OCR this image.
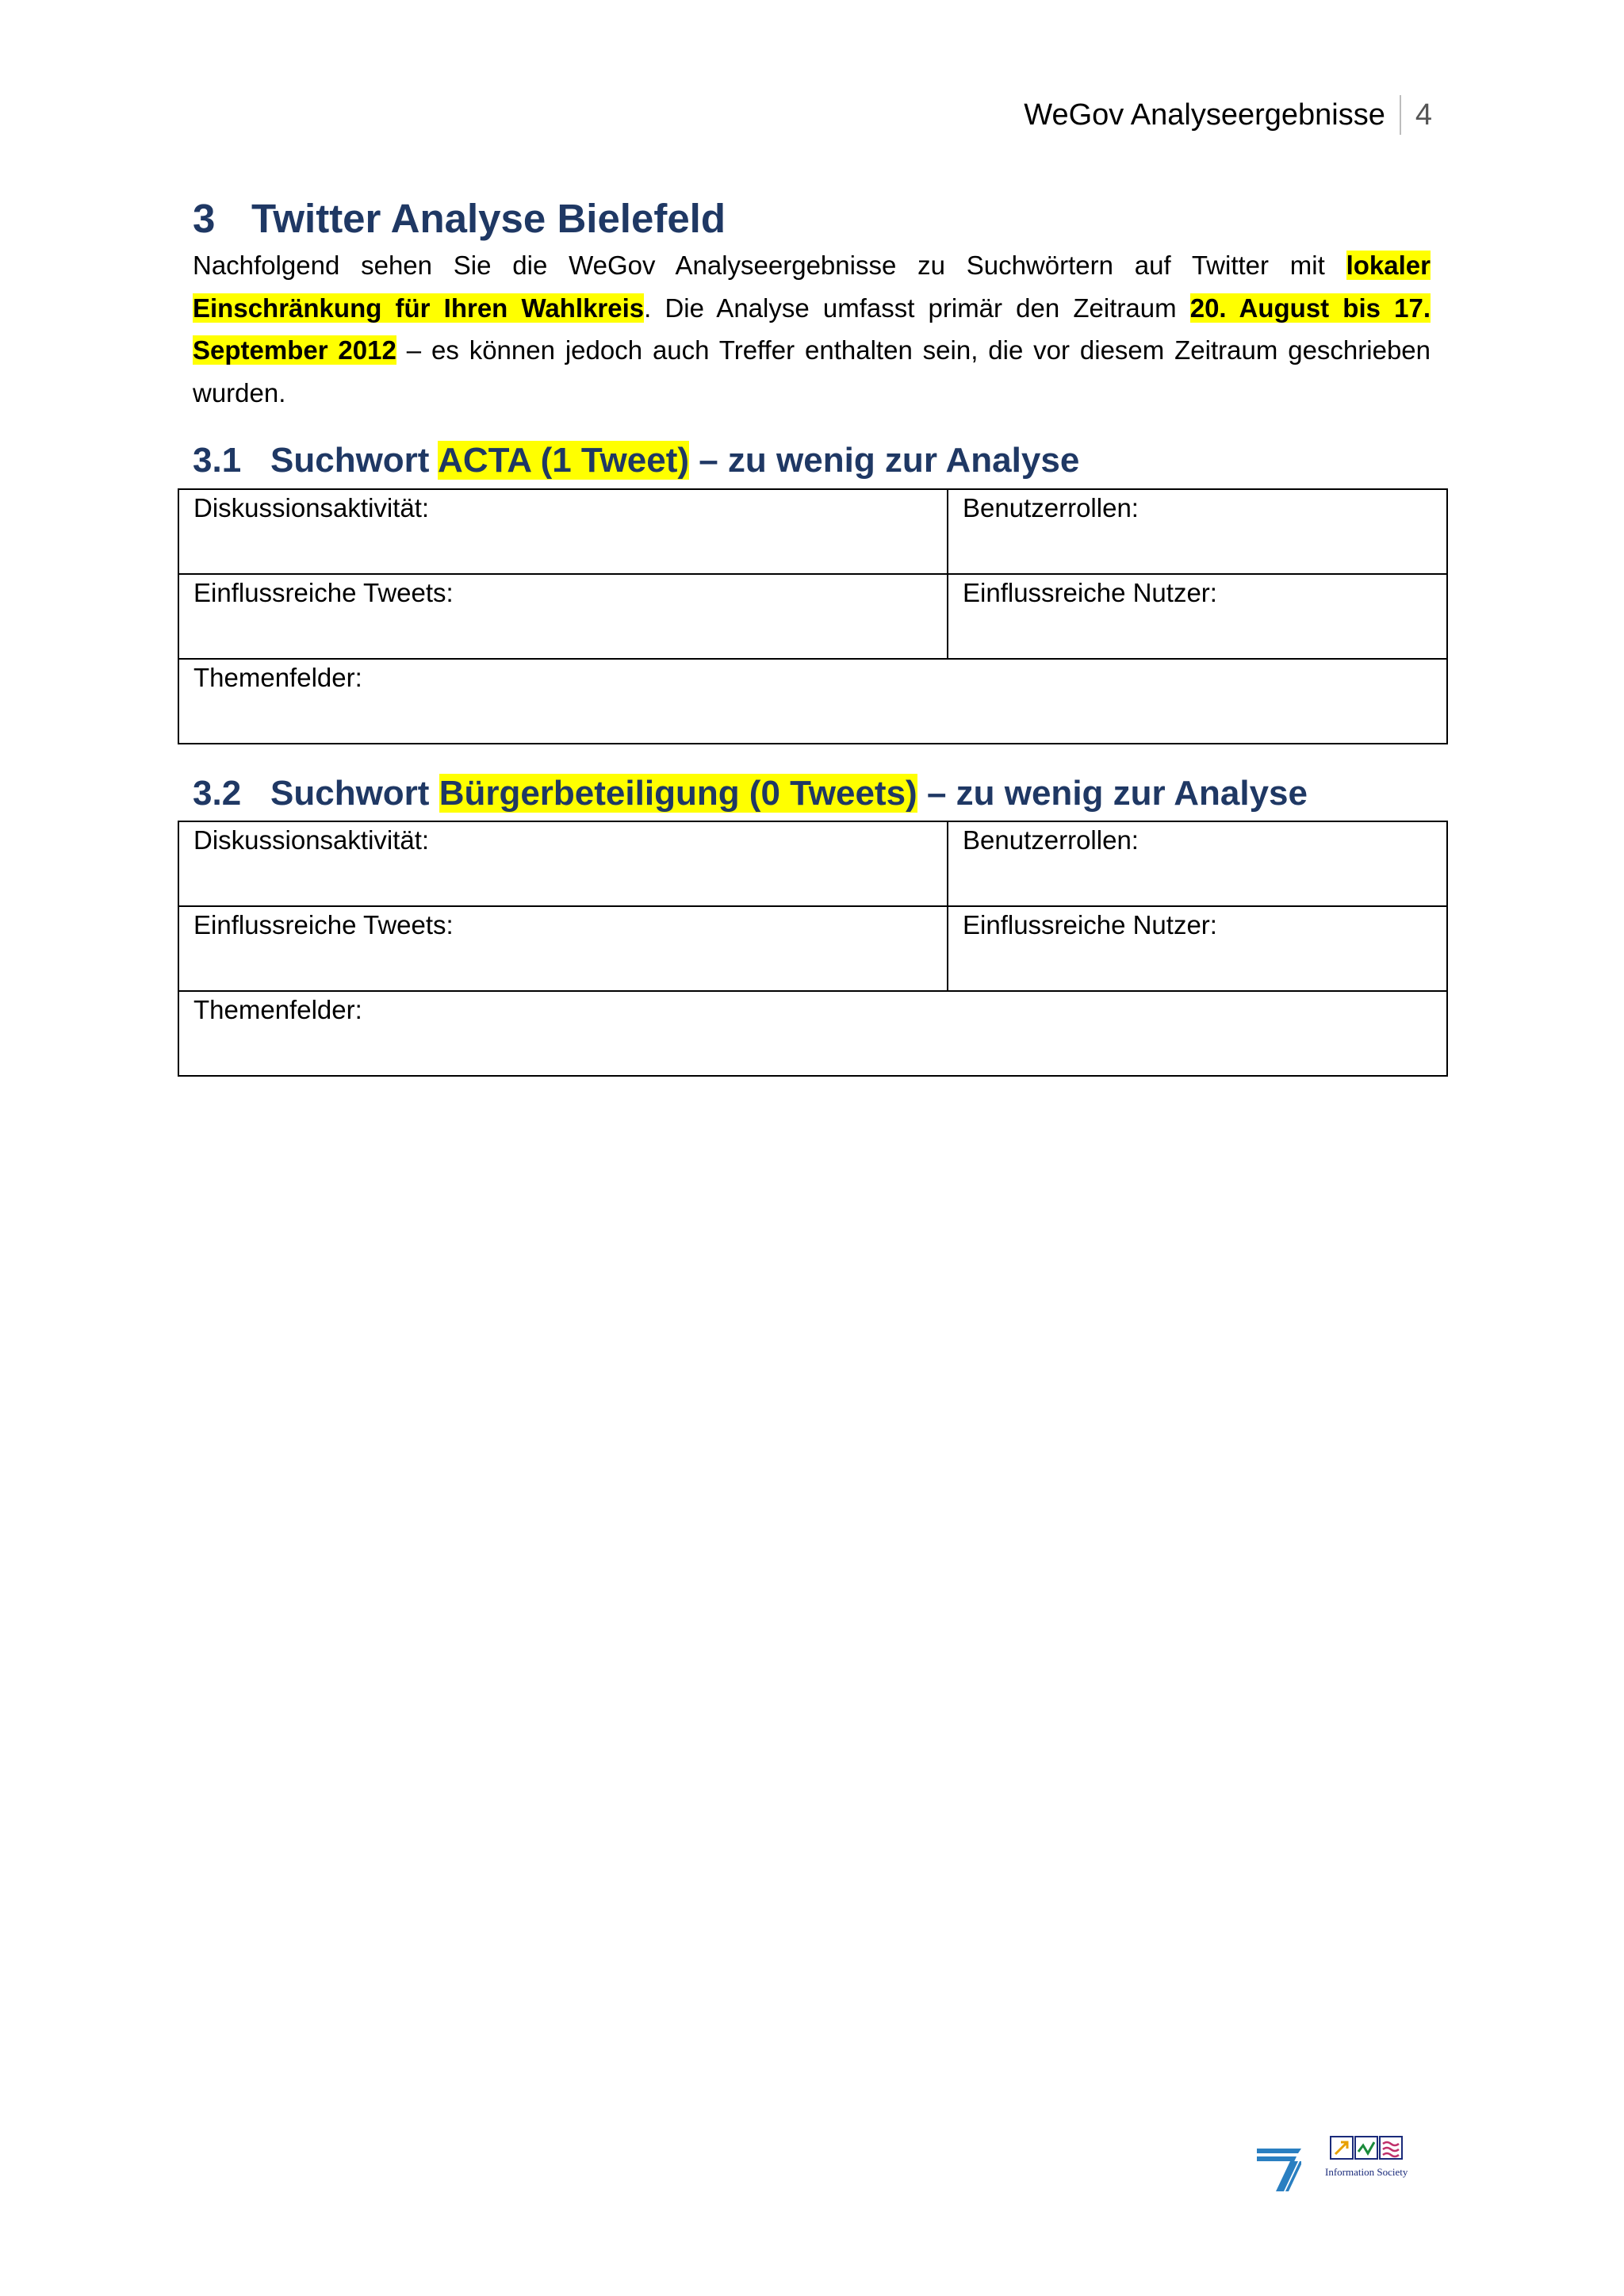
WeGov Analyseergebnisse	4
3 Twitter Analyse Bielefeld

Nachfolgend sehen Sie die WeGov Analyseergebnisse zu Suchwörtern auf Twitter mit lokaler Einschränkung für Ihren Wahlkreis. Die Analyse umfasst primär den Zeitraum 20. August bis 17. September 2012 – es können jedoch auch Treffer enthalten sein, die vor diesem Zeitraum geschrieben wurden.

3.1 Suchwort ACTA (1 Tweet) – zu wenig zur Analyse
Diskussionsaktivität:	Benutzerrollen:
Einflussreiche Tweets:	Einflussreiche Nutzer:
Themenfelder:	
3.2 Suchwort Bürgerbeteiligung (0 Tweets) – zu wenig zur Analyse
Diskussionsaktivität:	Benutzerrollen:
Einflussreiche Tweets:	Einflussreiche Nutzer:
Themenfelder:	
Information Society
